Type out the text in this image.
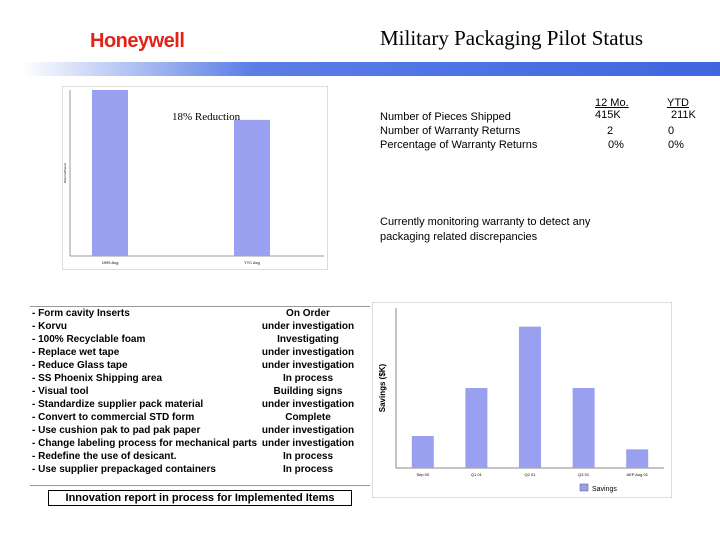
Honeywell	Military Packaging Pilot Status
Returns/Pieces
1999 Avg	YTC Avg
18% Reduction
12 Mo.	YTD
Number of Pieces Shipped	415K	211K
Number of Warranty Returns	2	0
Percentage of Warranty Returns	0%	0%
Currently monitoring warranty to detect any packaging related discrepancies
- Form cavity Inserts	On Order
- Korvu	under investigation
- 100% Recyclable foam	Investigating
- Replace wet tape	under investigation
- Reduce Glass tape	under investigation
- SS Phoenix Shipping area	In process
- Visual tool	Building signs
- Standardize supplier pack material	under investigation
- Convert to commercial STD form	Complete
- Use cushion pak to pad pak paper	under investigation
- Change labeling process for mechanical parts under investigation
- Redefine the use of desicant.	In process
- Use supplier prepackaged containers	In process
Innovation report in process for Implemented Items
Savings ($K)
Sep 00	Q1 01	Q2 01	Q3 01	AEP Aug 01
Savings
